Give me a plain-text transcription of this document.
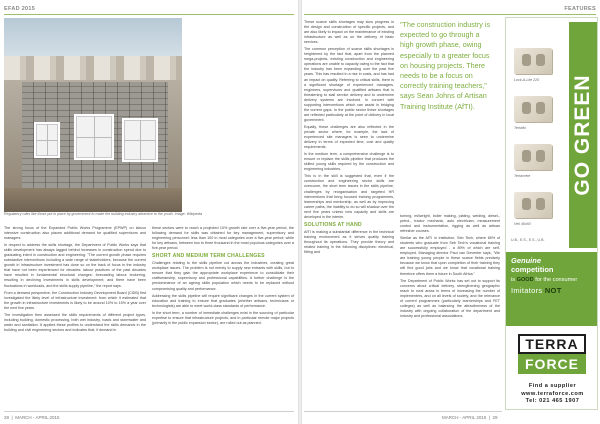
EFAD 2015
Regulatory rules like those put in place by government to make the building industry attractive to the youth. Image: Wikipedia

The strong focus of the Expanded Public Works Programme (EPWP) on labour intensive construction also places additional demand for qualified supervisors and managers.

In respect to address the skills shortage, the Department of Public Works says that skills development has always lagged behind increases in construction spend due to graduating intent in construction and engineering. "The current growth phase requires substantive interventions including a wide range of stakeholders, because the current growth in infrastructure investment has done so on the back of focus in the industry that have not been experienced for decades: labour practices of the past decades have resulted in fundamental structural changes: forecasting labour brokering, resulting in declining investments in skills development; and there have been fluctuations in workloads, and the skills supply pipeline," the report says.

From a demand perspective, the Construction Industry Development Board (CIDB) first investigated the likely level of infrastructure investment: from which it estimated that the growth in infrastructure investments is likely to be around 10% to 15% a year over the next five years.

The investigation then assessed the skills requirements of different project types, including building, domestic processing, both wet industry, roads and stormwater and water and sanitation. It applied these profiles to understand the skills demands in the building and civil engineering sectors and indicates that, if demand in

these sectors were to reach a projected 10% growth rate over a five-year period, the following demand for skills was obtained for key management, supervisory and engineering personnel: less than 100 in most categories over a five-year period; while for key artisans, between two to three thousand in the most populous categories over a five-year period.

SHORT AND MEDIUM TERM CHALLENGES

Challenges relating to the skills pipeline cut across the industries, creating great workplace issues. The problem is not merely to supply new entrants with skills, but to ensure that they gain the appropriate workplace experience to consolidate their craftsmanship, supervisory and professional capabilities. A further challenge is the predominance of an ageing skills population which needs to be replaced without compromising quality and performance.

Addressing the skills pipeline will require significant changes in the current system of education and training to ensure that graduates (whether artisans, technicians or technologists) are able to meet world-class standards of performance.

In the short term, a number of immediate challenges exist in the sourcing of particular expertise to ensure that infrastructure projects, and in particular remote major projects (primarily in the public expansion sector), are rolled out as planned.

28  |  MARCH - APRIL 2015
FEATURES

These scarce skills shortages may slow progress in the design and construction of specific projects, and are also likely to impact on the maintenance of existing infrastructure as well as on the delivery of basic services.

The common perception of scarce skills shortages is heightened by the fact that, apart from the planned mega-projects, existing construction and engineering operations are unable to capacity owing to the fact that the industry has been expanding over the past five years. This has resulted in a rise in costs, and has had an impact on quality. Referring to critical skills, there is a significant shortage of experienced managers, engineers, supervisors and qualified artisans that is threatening to stall service delivery and to undermine delivery systems are involved. In concert with supporting interventions which can assist in bridging the current gaps. In the public sector these shortages are reflected particularly at the point of delivery in local government.

Equally, these challenges are also reflected in the private sector where, for example, the lack of experienced site managers is seen to undermine delivery in terms of expected time, cost and quality requirements.

In the medium term, a comprehensive challenge is to ensure or replace the skills pipeline that produces the skilled young skills required by the construction and engineering industries.

This is in the skill is suggested that, even if the construction and engineering sector skills are overcome, the short term issues in the skills pipeline, challenges by reorganisation and targeted HR interventions that bring focused training programmes, learnerships and mentorship, as well as by improving career paths, the inability to do so will shadow over the next five years unless new capacity and skills are developed in the interim.

SOLUTIONS AT HAND

AfTI is making a substantial difference in the technical training environment as it strives quality training throughout its operations. They provide theory and related training in the following disciplines: electrical, fitting and

"The construction industry is expected to go through a high growth phase, owing especially to a greater focus on housing projects. There needs to be a focus on correctly training teachers," says Sean Johns of Artisan Training Institute (AfTI).

turning, millwright, boiler making, plating, welding, diesel-, petrol-, tractor mechanic, auto electrician, measurement control and instrumentation, rigging as well as artisan refresher courses.

Similar as the AfTI in institution, Seb Tech, where 85% of students who graduate from Seb Tech's vocational training are successfully employed - a 89% of which are self-employed. Managing director Paul van Deventer says, "We are training young people in these scarce fields precisely because we know that upon completion of their training they will find good jobs and we know that vocational training therefore offers them a future in South Africa."

The Department of Public Works has set out to support its concerns about critical delivery, strengthening geographic reach to rural areas in terms of increasing the number of implementers, and on all levels of society, and the relevance of current programmes (particularly learnerships and FET colleges) as well as balancing the attractiveness of the industry with ongoing collaboration of the department and industry and professional associations.

Lock-A-Lite 220
Terraflo
Terracrete
Veil 45x60
U.B., E.S., E.S., U.B.
GO GREEN
Genuine
competition
is GOOD for the consumer
Imitators NOT
TERRA
FORCE
Find a supplier
www.terraforce.com
Tel: 021 465 1907
MARCH - APRIL 2015  |  29
